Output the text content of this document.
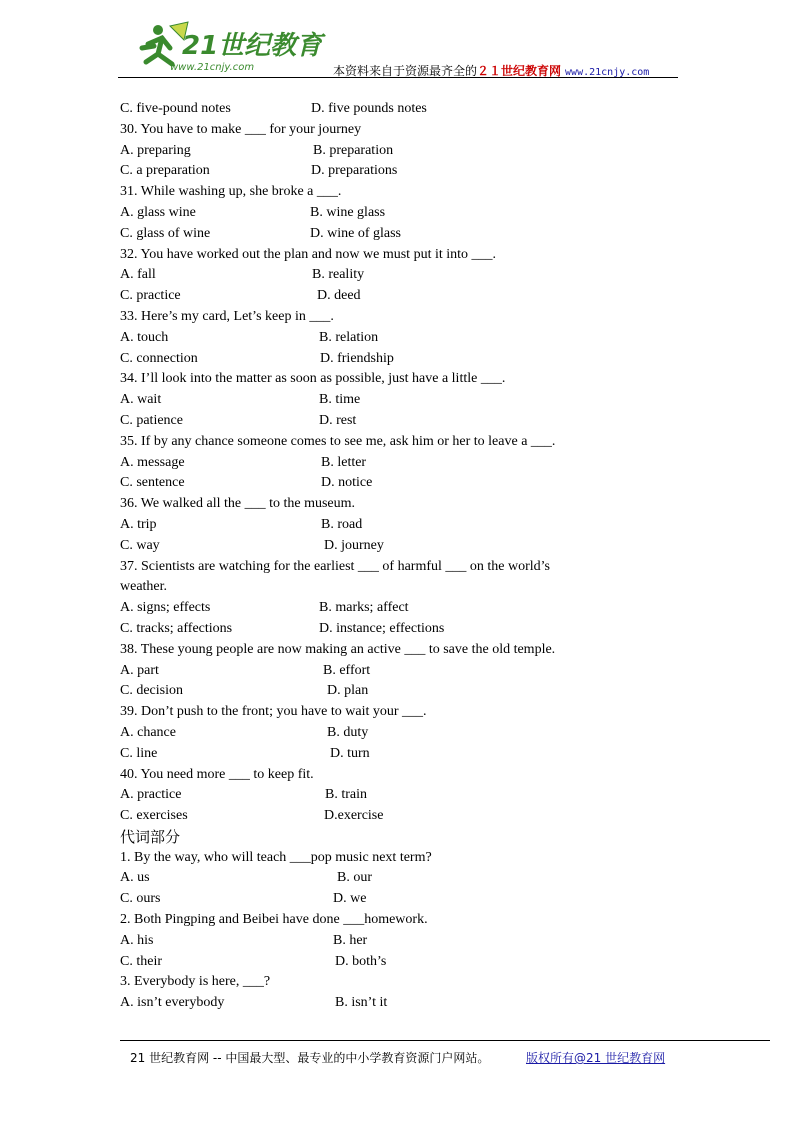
21世纪教育
www.21cnjy.com	本资料来自于资源最齐全的２１世纪教育网 www.21cnjy.com
C. five-pound notes	D. five pounds notes
30. You have to make ___ for your journey
A. preparing	B. preparation
C. a preparation	D. preparations
31. While washing up, she broke a ___.
A. glass wine	B. wine glass
C. glass of wine	D. wine of glass
32. You have worked out the plan and now we must put it into ___.
A. fall	B. reality
C. practice	D. deed
33. Here’s my card, Let’s keep in ___.
A. touch	B. relation
C. connection	D. friendship
34. I’ll look into the matter as soon as possible, just have a little ___.
A. wait	B. time
C. patience	D. rest
35. If by any chance someone comes to see me, ask him or her to leave a ___.
A. message	B. letter
C. sentence	D. notice
36. We walked all the ___ to the museum.
A. trip	B. road
C. way	D. journey
37. Scientists are watching for the earliest ___ of harmful ___ on the world’s
weather.
A. signs; effects	B. marks; affect
C. tracks; affections	D. instance; effections
38. These young people are now making an active ___ to save the old temple.
A. part	B. effort
C. decision	D. plan
39. Don’t push to the front; you have to wait your ___.
A. chance	B. duty
C. line	D. turn
40. You need more ___ to keep fit.
A. practice	B. train
C. exercises	D.exercise
代词部分
1. By the way, who will teach ___pop music next term?
A. us	B. our
C. ours	D. we
2. Both Pingping and Beibei have done ___homework.
A. his	B. her
C. their	D. both’s
3. Everybody is here, ___?
A. isn’t everybody	B. isn’t it
21 世纪教育网 -- 中国最大型、最专业的中小学教育资源门户网站。	版权所有@21 世纪教育网
